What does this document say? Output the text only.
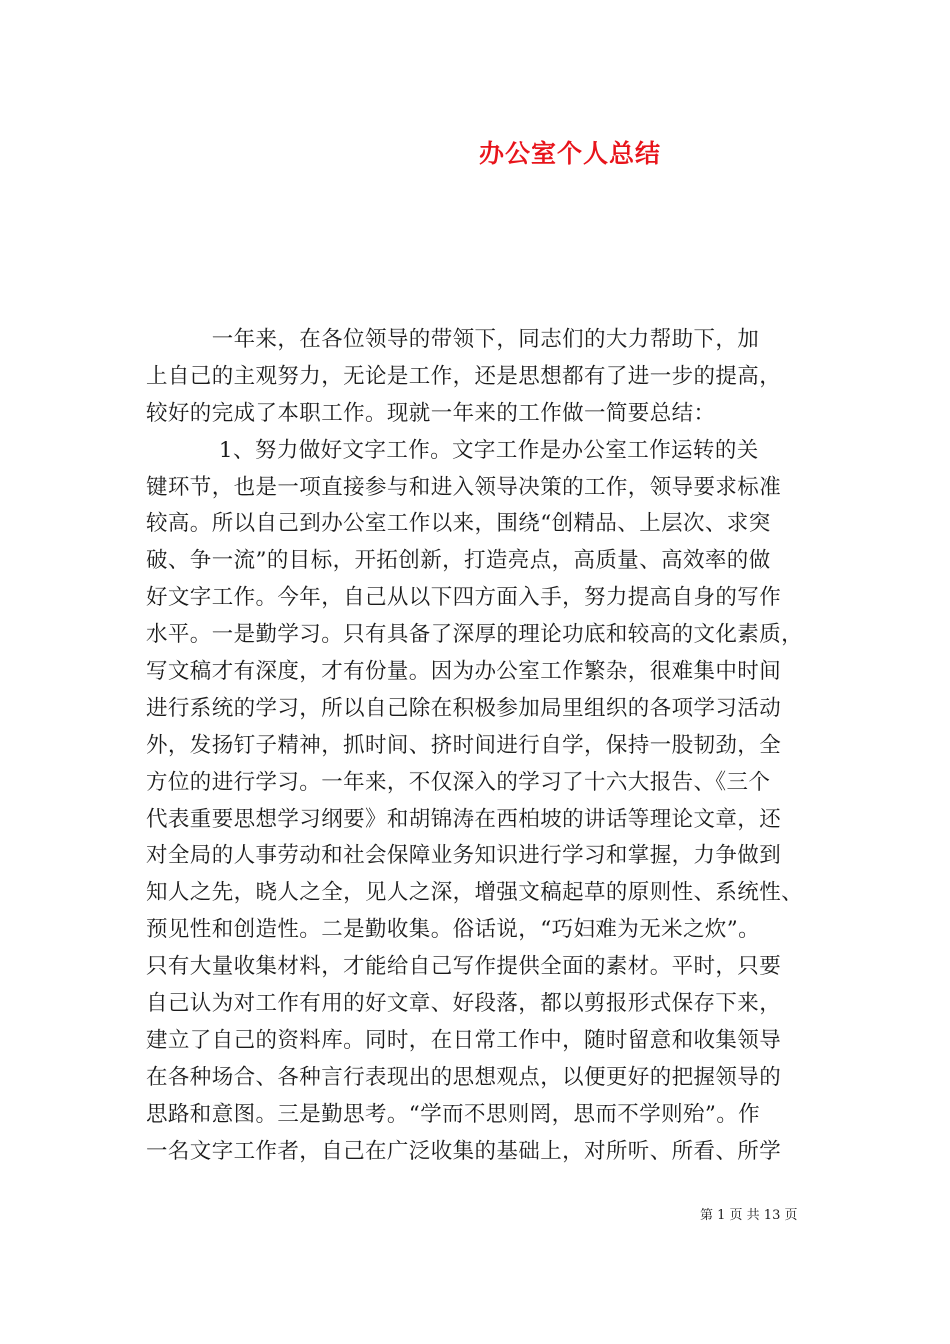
办公室个人总结
　　　一年来，在各位领导的带领下，同志们的大力帮助下，加
上自己的主观努力，无论是工作，还是思想都有了进一步的提高，
较好的完成了本职工作。现就一年来的工作做一简要总结：
　　　 1、努力做好文字工作。文字工作是办公室工作运转的关
键环节，也是一项直接参与和进入领导决策的工作，领导要求标准
较高。所以自己到办公室工作以来，围绕“创精品、上层次、求突
破、争一流”的目标，开拓创新，打造亮点，高质量、高效率的做
好文字工作。今年，自己从以下四方面入手，努力提高自身的写作
水平。一是勤学习。只有具备了深厚的理论功底和较高的文化素质，
写文稿才有深度，才有份量。因为办公室工作繁杂，很难集中时间
进行系统的学习，所以自己除在积极参加局里组织的各项学习活动
外，发扬钉子精神，抓时间、挤时间进行自学，保持一股韧劲，全
方位的进行学习。一年来，不仅深入的学习了十六大报告、《三个
代表重要思想学习纲要》和胡锦涛在西柏坡的讲话等理论文章，还
对全局的人事劳动和社会保障业务知识进行学习和掌握，力争做到
知人之先，晓人之全，见人之深，增强文稿起草的原则性、系统性、
预见性和创造性。二是勤收集。俗话说，“巧妇难为无米之炊”。
只有大量收集材料，才能给自己写作提供全面的素材。平时，只要
自己认为对工作有用的好文章、好段落，都以剪报形式保存下来，
建立了自己的资料库。同时，在日常工作中，随时留意和收集领导
在各种场合、各种言行表现出的思想观点，以便更好的把握领导的
思路和意图。三是勤思考。“学而不思则罔，思而不学则殆”。作
一名文字工作者，自己在广泛收集的基础上，对所听、所看、所学
第 1 页 共 13 页
